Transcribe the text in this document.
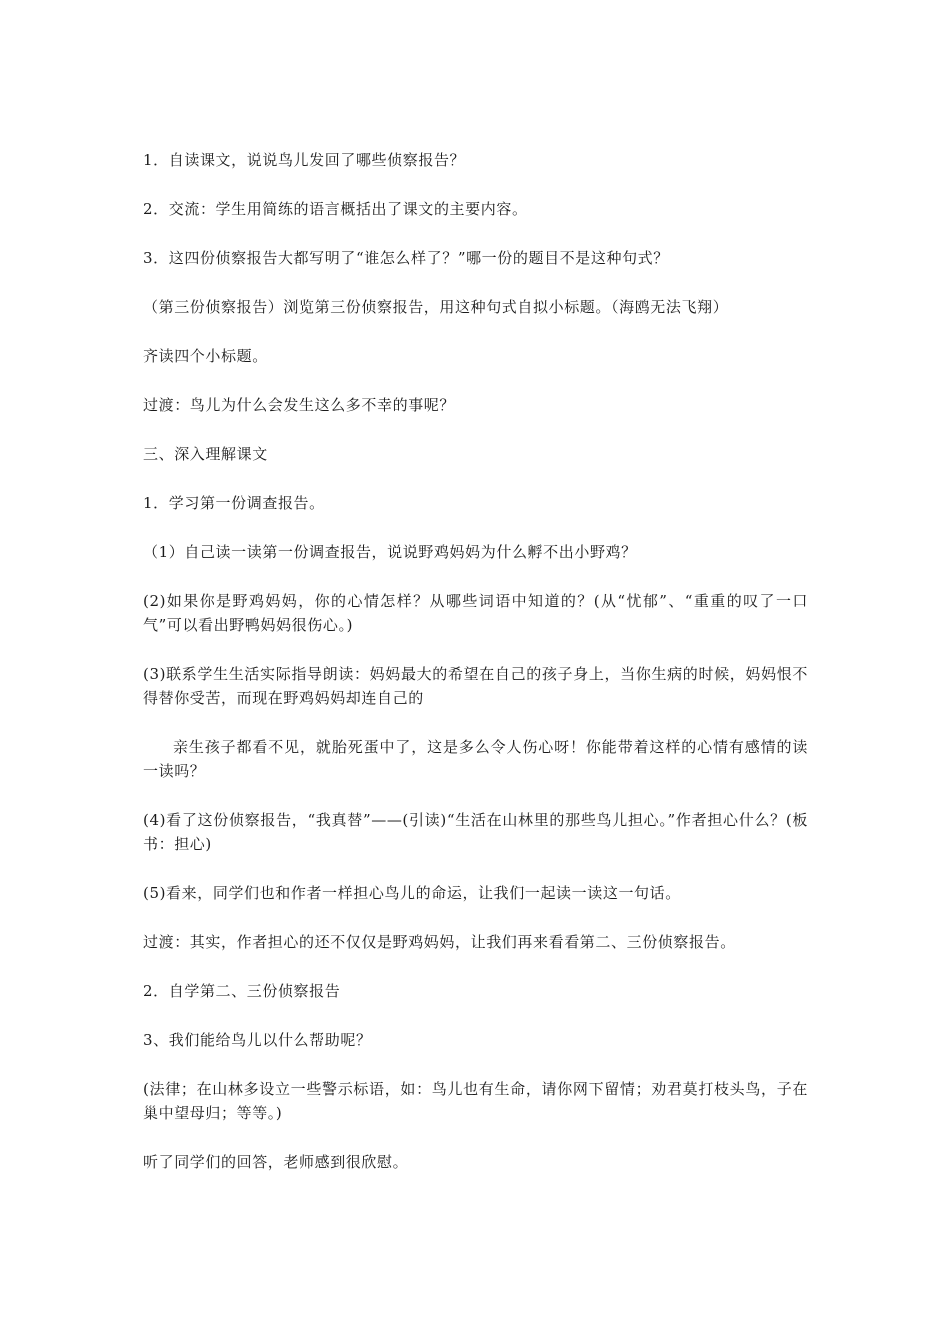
1．自读课文，说说鸟儿发回了哪些侦察报告？

2．交流：学生用简练的语言概括出了课文的主要内容。

3．这四份侦察报告大都写明了“谁怎么样了？”哪一份的题目不是这种句式？

（第三份侦察报告）浏览第三份侦察报告，用这种句式自拟小标题。（海鸥无法飞翔）

齐读四个小标题。

过渡：鸟儿为什么会发生这么多不幸的事呢？

三、深入理解课文

1．学习第一份调查报告。

（1）自己读一读第一份调查报告，说说野鸡妈妈为什么孵不出小野鸡？

(2)如果你是野鸡妈妈，你的心情怎样？从哪些词语中知道的？(从“忧郁”、“重重的叹了一口气”可以看出野鸭妈妈很伤心。)

(3)联系学生生活实际指导朗读：妈妈最大的希望在自己的孩子身上，当你生病的时候，妈妈恨不得替你受苦，而现在野鸡妈妈却连自己的

亲生孩子都看不见，就胎死蛋中了，这是多么令人伤心呀！你能带着这样的心情有感情的读一读吗？

(4)看了这份侦察报告，“我真替”——(引读)“生活在山林里的那些鸟儿担心。”作者担心什么？(板书：担心)

(5)看来，同学们也和作者一样担心鸟儿的命运，让我们一起读一读这一句话。

过渡：其实，作者担心的还不仅仅是野鸡妈妈，让我们再来看看第二、三份侦察报告。

2．自学第二、三份侦察报告

3、我们能给鸟儿以什么帮助呢？

(法律；在山林多设立一些警示标语，如：鸟儿也有生命，请你网下留情；劝君莫打枝头鸟，子在巢中望母归；等等。)

听了同学们的回答，老师感到很欣慰。
